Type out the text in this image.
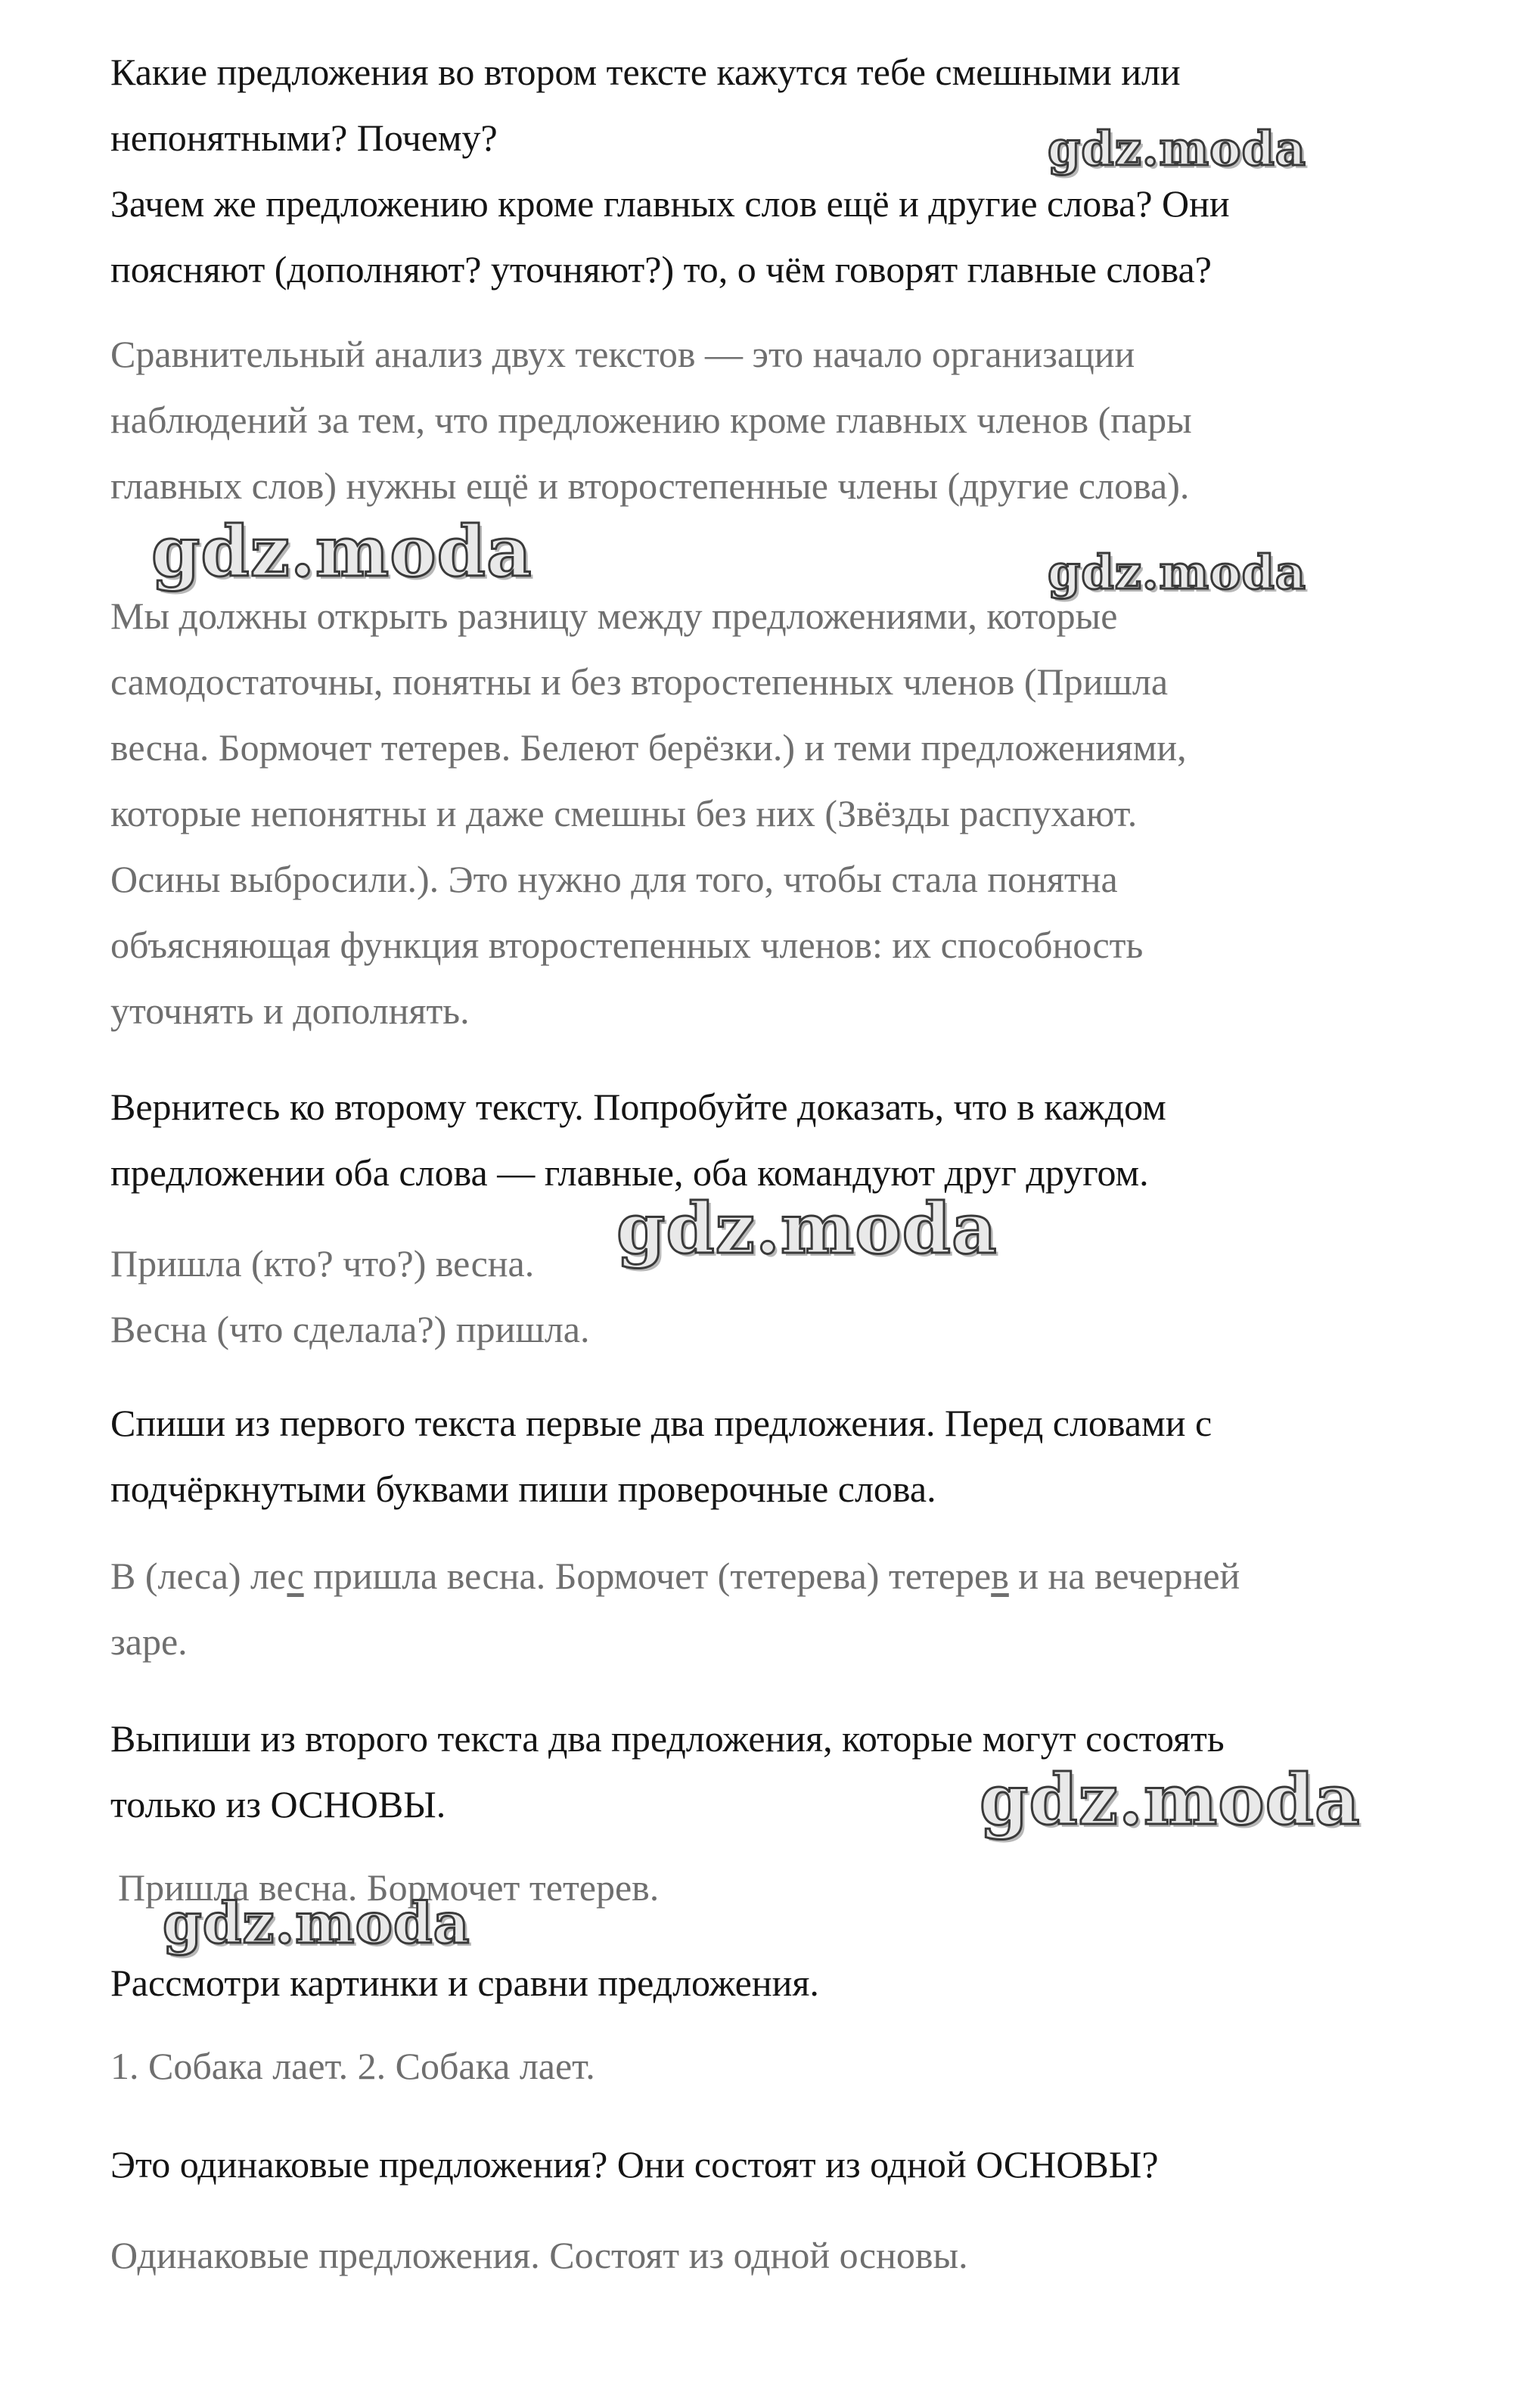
Какие предложения во втором тексте кажутся тебе смешными или

непонятными? Почему?

Зачем же предложению кроме главных слов ещё и другие слова? Они

поясняют (дополняют? уточняют?) то, о чём говорят главные слова?

Сравнительный анализ двух текстов — это начало организации

наблюдений за тем, что предложению кроме главных членов (пары

главных слов) нужны ещё и второстепенные члены (другие слова).

Мы должны открыть разницу между предложениями, которые

самодостаточны, понятны и без второстепенных членов (Пришла

весна. Бормочет тетерев. Белеют берёзки.) и теми предложениями,

которые непонятны и даже смешны без них (Звёзды распухают.

Осины выбросили.). Это нужно для того, чтобы стала понятна

объясняющая функция второстепенных членов: их способность

уточнять и дополнять.

Вернитесь ко второму тексту. Попробуйте доказать, что в каждом

предложении оба слова — главные, оба командуют друг другом.

Пришла (кто? что?) весна.

Весна (что сделала?) пришла.

Спиши из первого текста первые два предложения. Перед словами с

подчёркнутыми буквами пиши проверочные слова.

В (леса) лес пришла весна. Бормочет (тетерева) тетерев и на вечерней

заре.

Выпиши из второго текста два предложения, которые могут состоять

только из ОСНОВЫ.

Пришла весна. Бормочет тетерев.

Рассмотри картинки и сравни предложения.

1. Собака лает. 2. Собака лает.

Это одинаковые предложения? Они состоят из одной ОСНОВЫ?

Одинаковые предложения. Состоят из одной основы.

gdz.moda
gdz.moda	gdz.moda
gdz.moda
gdz.moda
gdz.moda
